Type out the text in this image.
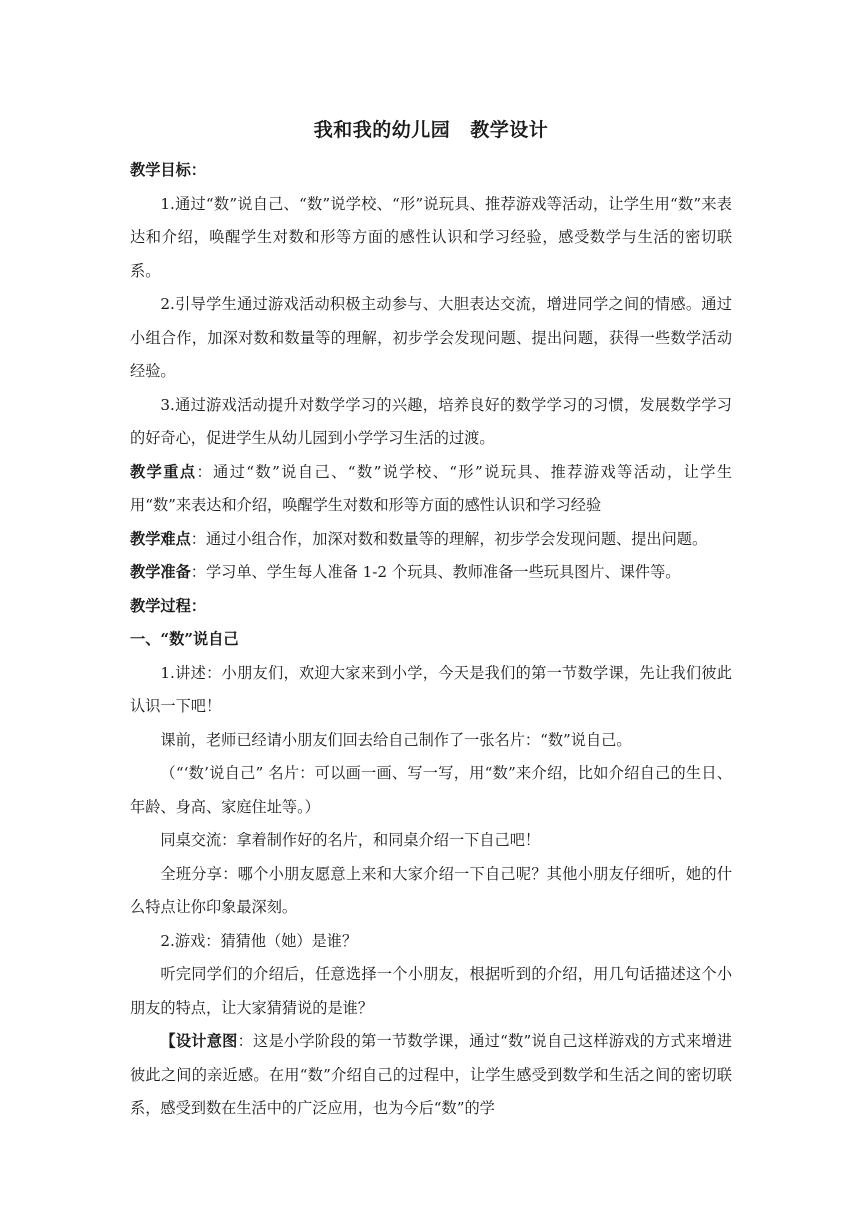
我和我的幼儿园 教学设计

教学目标：

1.通过“数”说自己、“数”说学校、“形”说玩具、推荐游戏等活动，让学生用“数”来表达和介绍，唤醒学生对数和形等方面的感性认识和学习经验，感受数学与生活的密切联系。

2.引导学生通过游戏活动积极主动参与、大胆表达交流，增进同学之间的情感。通过小组合作，加深对数和数量等的理解，初步学会发现问题、提出问题，获得一些数学活动经验。

3.通过游戏活动提升对数学学习的兴趣，培养良好的数学学习的习惯，发展数学学习的好奇心，促进学生从幼儿园到小学学习生活的过渡。

教学重点：通过“数”说自己、“数”说学校、“形”说玩具、推荐游戏等活动，让学生用“数”来表达和介绍，唤醒学生对数和形等方面的感性认识和学习经验

教学难点：通过小组合作，加深对数和数量等的理解，初步学会发现问题、提出问题。

教学准备：学习单、学生每人准备 1-2 个玩具、教师准备一些玩具图片、课件等。

教学过程：

一、“数”说自己

1.讲述：小朋友们，欢迎大家来到小学，今天是我们的第一节数学课，先让我们彼此认识一下吧！

课前，老师已经请小朋友们回去给自己制作了一张名片：“数”说自己。

（“‘数’说自己” 名片：可以画一画、写一写，用“数”来介绍，比如介绍自己的生日、年龄、身高、家庭住址等。）

同桌交流：拿着制作好的名片，和同桌介绍一下自己吧！

全班分享：哪个小朋友愿意上来和大家介绍一下自己呢？其他小朋友仔细听，她的什么特点让你印象最深刻。

2.游戏：猜猜他（她）是谁？

听完同学们的介绍后，任意选择一个小朋友，根据听到的介绍，用几句话描述这个小朋友的特点，让大家猜猜说的是谁？

【设计意图：这是小学阶段的第一节数学课，通过“数”说自己这样游戏的方式来增进彼此之间的亲近感。在用“数”介绍自己的过程中，让学生感受到数学和生活之间的密切联系，感受到数在生活中的广泛应用，也为今后“数”的学
